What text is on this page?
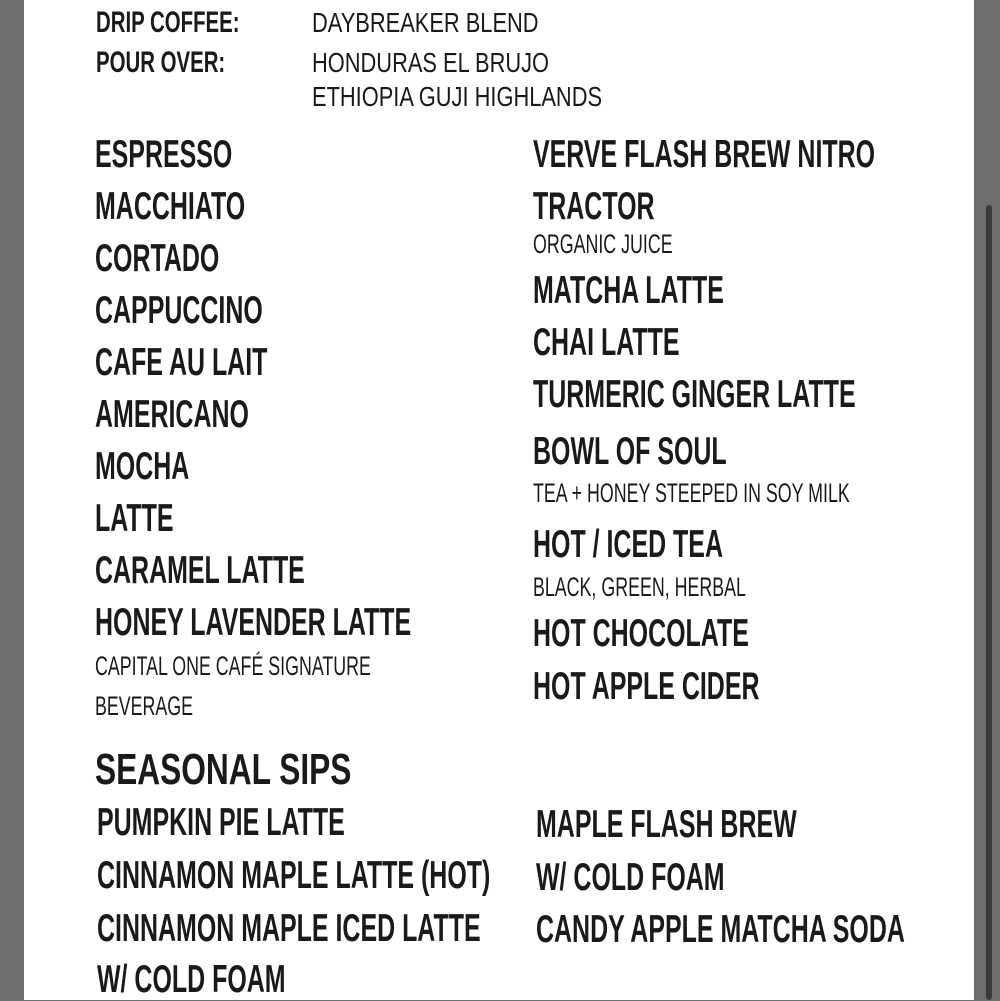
DRIP COFFEE:	DAYBREAKER BLEND
POUR OVER:	HONDURAS EL BRUJO
ETHIOPIA GUJI HIGHLANDS
ESPRESSO
MACCHIATO
CORTADO
CAPPUCCINO
CAFE AU LAIT
AMERICANO
MOCHA
LATTE
CARAMEL LATTE
HONEY LAVENDER LATTE
CAPITAL ONE CAFÉ SIGNATURE
BEVERAGE
VERVE FLASH BREW NITRO
TRACTOR
ORGANIC JUICE
MATCHA LATTE
CHAI LATTE
TURMERIC GINGER LATTE
BOWL OF SOUL
TEA + HONEY STEEPED IN SOY MILK
HOT / ICED TEA
BLACK, GREEN, HERBAL
HOT CHOCOLATE
HOT APPLE CIDER
SEASONAL SIPS
PUMPKIN PIE LATTE
CINNAMON MAPLE LATTE (HOT)
CINNAMON MAPLE ICED LATTE
W/ COLD FOAM
MAPLE FLASH BREW
W/ COLD FOAM
CANDY APPLE MATCHA SODA
